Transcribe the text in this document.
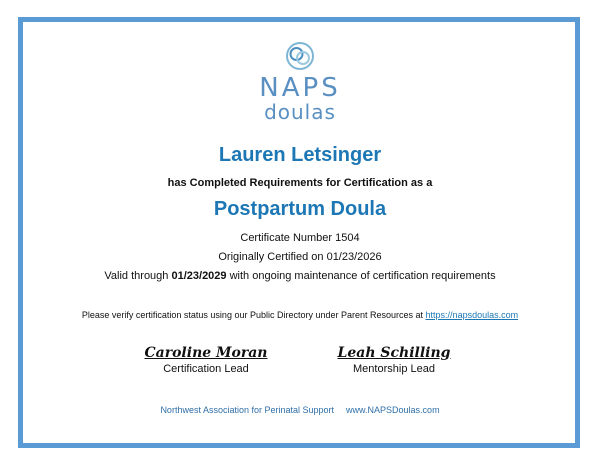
NAPS
doulas
Lauren Letsinger
has Completed Requirements for Certification as a
Postpartum Doula
Certificate Number 1504
Originally Certified on 01/23/2026
Valid through 01/23/2029 with ongoing maintenance of certification requirements
Please verify certification status using our Public Directory under Parent Resources at https://napsdoulas.com
Caroline Moran
Certification Lead
Leah Schilling
Mentorship Lead
Northwest Association for Perinatal Support www.NAPSDoulas.com
